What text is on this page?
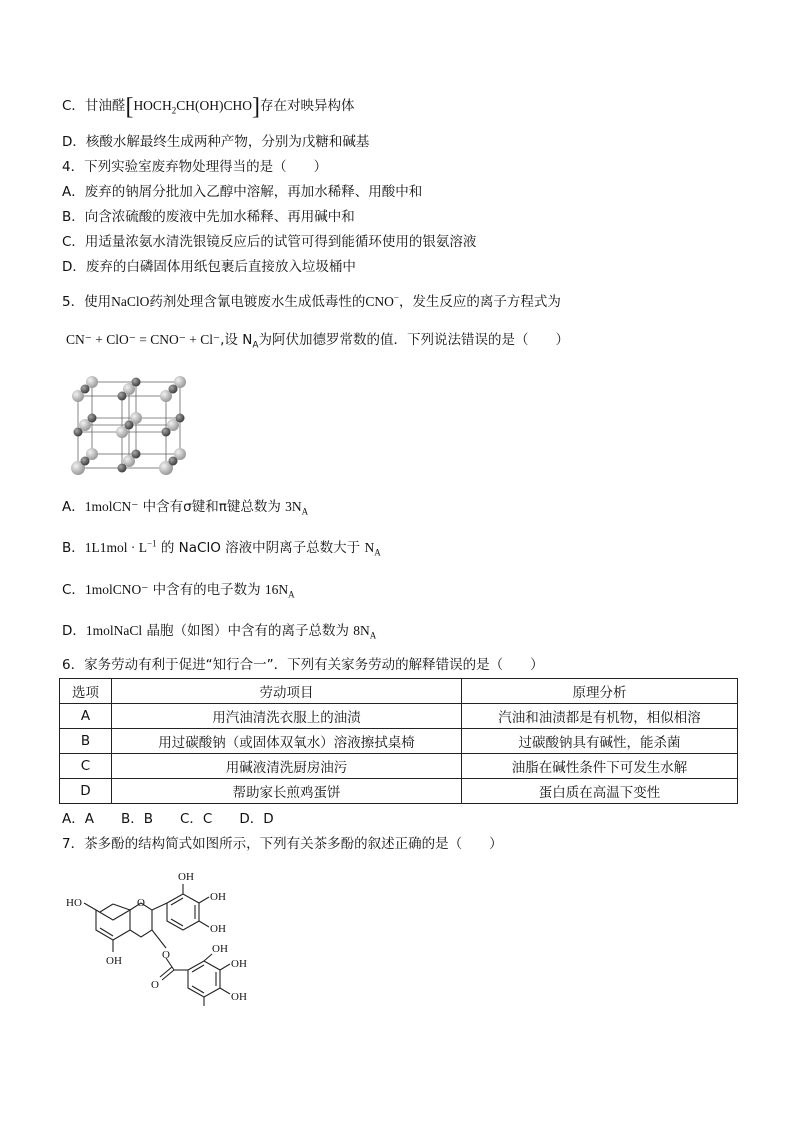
C．甘油醛$[HOCH_2CH(OH)CHO]$存在对映异构体
D．核酸水解最终生成两种产物，分别为戊糖和碱基
4．下列实验室废弃物处理得当的是（　　）
A．废弃的钠屑分批加入乙醇中溶解，再加水稀释、用酸中和
B．向含浓硫酸的废液中先加水稀释、再用碱中和
C．用适量浓氨水清洗银镜反应后的试管可得到能循环使用的银氨溶液
D．废弃的白磷固体用纸包裹后直接放入垃圾桶中
5．使用NaClO药剂处理含氰电镀废水生成低毒性的CNO−，发生反应的离子方程式为
CN⁻ + ClO⁻ = CNO⁻ + Cl⁻,设 $N_A$为阿伏加德罗常数的值．下列说法错误的是（　　）
A．1molCN⁻ 中含有σ键和π键总数为 $3N_A$
B．$1L1mol \cdot L^{-1}$ 的 NaClO 溶液中阴离子总数大于 $N_A$
C．1molCNO⁻ 中含有的电子数为 $16N_A$
D．1molNaCl 晶胞（如图）中含有的离子总数为 $8N_A$
6．家务劳动有利于促进“知行合一”．下列有关家务劳动的解释错误的是（　　）
选项	劳动项目	原理分析
A	用汽油清洗衣服上的油渍	汽油和油渍都是有机物，相似相溶
B	用过碳酸钠（或固体双氧水）溶液擦拭桌椅	过碳酸钠具有碱性，能杀菌
C	用碱液清洗厨房油污	油脂在碱性条件下可发生水解
D	帮助家长煎鸡蛋饼	蛋白质在高温下变性
A．A　　B．B　　C．C　　D．D
7．茶多酚的结构简式如图所示，下列有关茶多酚的叙述正确的是（　　）
OH
OH
OH
HO	O
O
O
OH
OH
OH
OH
